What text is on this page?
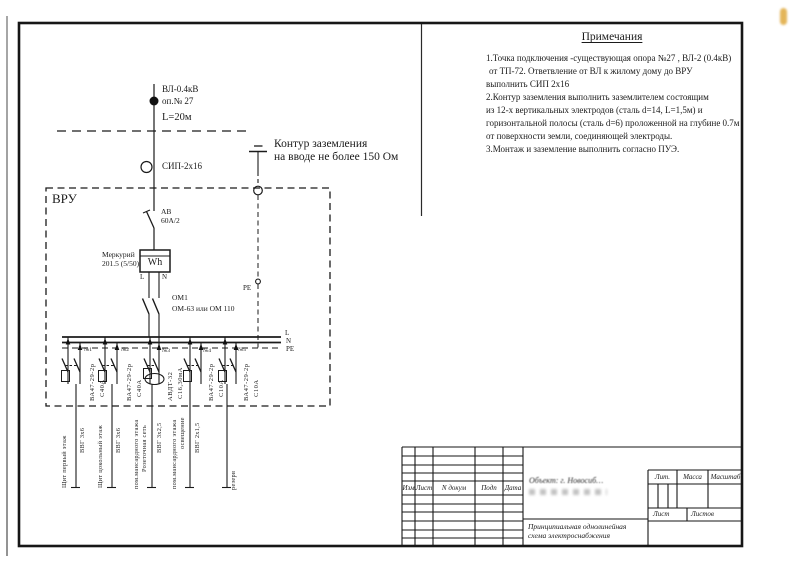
Примечания
1.Точка подключения -существующая опора №27 , ВЛ-2 (0.4кВ)
от ТП-72. Ответвление от ВЛ к жилому дому до ВРУ
выполнить СИП 2х16
2.Контур заземления выполнить заземлителем состоящим
из 12-х вертикальных электродов (сталь d=14, L=1,5м) и
горизонтальной полосы (сталь d=6) проложенной на глубине 0.7м
от поверхности земли, соединяющей электроды.
3.Монтаж и заземление выполнить согласно ПУЭ.
ВЛ-0.4кВ
оп.№ 27
L=20м
СИП-2х16
Контур заземления
на вводе не более 150 Ом
ВРУ
АВ
60А/2
Меркурий
201.5 (5/50) Wh
L	N
ОМ1
ОМ-63 или ОМ 110
РЕ
L
N
РЕ
№1
ВА47-29-2р С40А
Щит первый этаж ВВГ 3х6
№2
ВА47-29-2р С40А
Щит цокольный этаж ВВГ 3х6
№3
АВДТ-32 С16,30мА
пом.мансардного этажа Розеточная сеть ВВГ 3х2,5
№4
ВА47-29-2р С10А
пом.мансардного этажа освещение ВВГ 2х1,5
№5
ВА47-29-2р С10А
резерв	Изм Лист	N докум	Подп	Дата
Объект: г. Новосиб…	Лит.	Масса	Масштаб
Лист	Листов
Принципиальная однолинейная
схема электроснабжения
